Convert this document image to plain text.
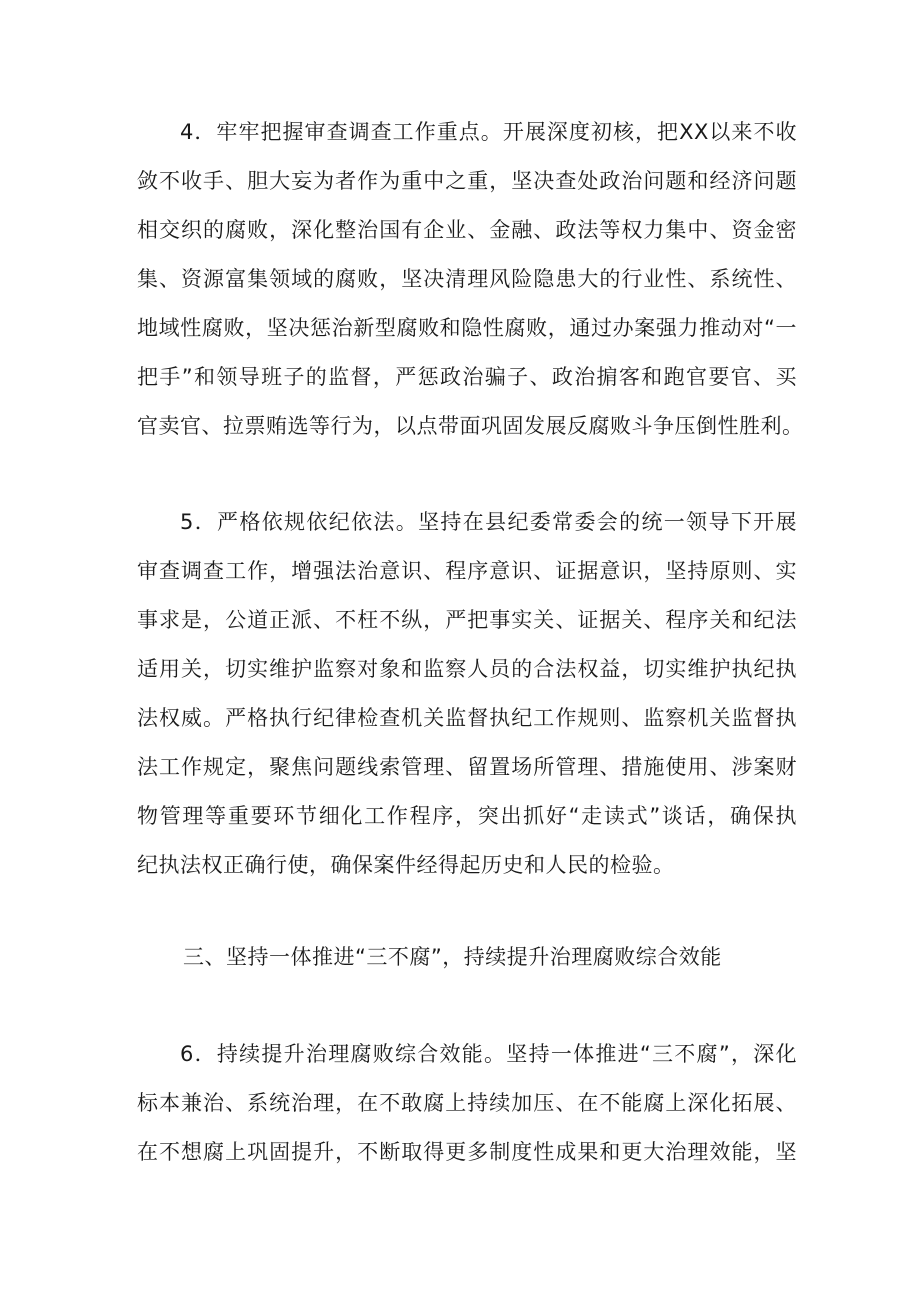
4．牢牢把握审查调查工作重点。开展深度初核，把XX以来不收
敛不收手、胆大妄为者作为重中之重，坚决查处政治问题和经济问题
相交织的腐败，深化整治国有企业、金融、政法等权力集中、资金密
集、资源富集领域的腐败，坚决清理风险隐患大的行业性、系统性、
地域性腐败，坚决惩治新型腐败和隐性腐败，通过办案强力推动对“一
把手”和领导班子的监督，严惩政治骗子、政治掮客和跑官要官、买
官卖官、拉票贿选等行为，以点带面巩固发展反腐败斗争压倒性胜利。
5．严格依规依纪依法。坚持在县纪委常委会的统一领导下开展
审查调查工作，增强法治意识、程序意识、证据意识，坚持原则、实
事求是，公道正派、不枉不纵，严把事实关、证据关、程序关和纪法
适用关，切实维护监察对象和监察人员的合法权益，切实维护执纪执
法权威。严格执行纪律检查机关监督执纪工作规则、监察机关监督执
法工作规定，聚焦问题线索管理、留置场所管理、措施使用、涉案财
物管理等重要环节细化工作程序，突出抓好“走读式”谈话，确保执
纪执法权正确行使，确保案件经得起历史和人民的检验。
三、坚持一体推进“三不腐”，持续提升治理腐败综合效能
6．持续提升治理腐败综合效能。坚持一体推进“三不腐”，深化
标本兼治、系统治理，在不敢腐上持续加压、在不能腐上深化拓展、
在不想腐上巩固提升，不断取得更多制度性成果和更大治理效能，坚
